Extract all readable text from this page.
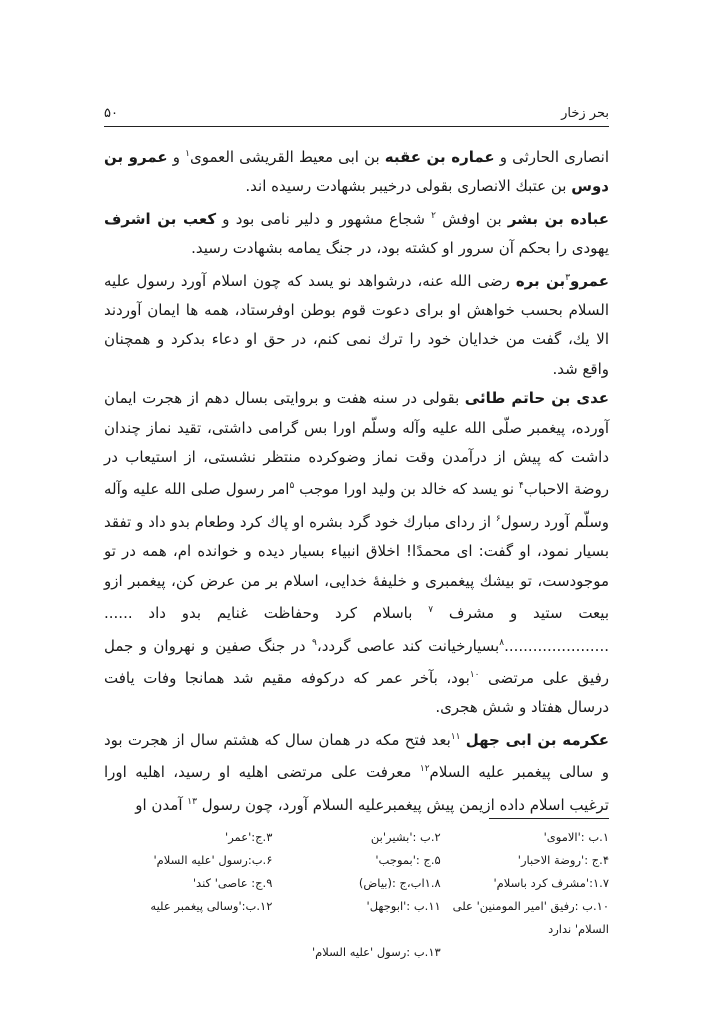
۵۰	بحر زخار

انصاری الحارثی و عماره بن عقبه بن ابی معیط القریشی العموی$^۱$ و عمرو بن دوس بن عتبك الانصاری بقولی درخیبر بشهادت رسیده اند.

عباده بن بشر بن اوفش $^۲$ شجاع مشهور و دلیر نامی بود و کعب بن اشرف یهودی را بحکم آن سرور او کشته بود، در جنگ یمامه بشهادت رسید.

عمرو$^۳$بن بره رضی الله عنه، درشواهد نو یسد که چون اسلام آورد رسول علیه السلام بحسب خواهش او برای دعوت قوم بوطن اوفرستاد، همه ها ایمان آوردند الا یك، گفت من خدایان خود را ترك نمی کنم، در حق او دعاء بدکرد و همچنان واقع شد.

عدی بن حاتم طائی بقولی در سنه هفت و بروایتی بسال دهم از هجرت ایمان آورده، پیغمبر صلّی الله علیه وآله وسلّم اورا بس گرامی داشتی، تقید نماز چندان داشت که پیش از درآمدن وقت نماز وضوکرده منتظر نشستی، از استیعاب در روضة الاحباب$^۴$ نو یسد که خالد بن ولید اورا موجب $^۵$امر رسول صلی الله علیه وآله وسلّم آورد رسول$^۶$ از ردای مبارك خود گرد بشره او پاك کرد وطعام بدو داد و تفقد بسیار نمود، او گفت: ای محمدًا! اخلاق انبیاء بسیار دیده و خوانده ام، همه در تو موجودست، تو بیشك پیغمبری و خلیفهٔ خدایی، اسلام بر من عرض کن، پیغمبر ازو بیعت ستید و مشرف $^۷$ باسلام کرد وحفاظت غنایم بدو داد ...... ......................$^۸$بسیارخیانت کند عاصی گردد،$^۹$ در جنگ صفین و نهروان و جمل رفیق علی مرتضی $^{۱۰}$بود، بآخر عمر که درکوفه مقیم شد همانجا وفات یافت درسال هفتاد و شش هجری.

عکرمه بن ابی جهل $^{۱۱}$بعد فتح مکه در همان سال که هشتم سال از هجرت بود و سالی پیغمبر علیه السلام$^{۱۲}$ معرفت علی مرتضی اهلیه او رسید، اهلیه اورا ترغیب اسلام داده ازیمن پیش پیغمبرعلیه السلام آورد، چون رسول $^{۱۳}$ آمدن او

۱.ب :'الاموی'
۲.ب :'بشیر'بن
۳.ج:'عمر'
۴.ج :'روضة الاحبار'
۵.ج :'بموجب'
۶.ب:رسول 'علیه السلام'
۱.۷:'مشرف کرد باسلام'
۱.۸اب،ج :(بیاض)
۹.ج: عاصی' کند'
۱۰.ب :رفیق 'امیر المومنین' علی السلام' ندارد
۱۱.ب :'ابوجهل'
۱۲.ب:'وسالی پیغمبر علیه
۱۳.ب :رسول 'علیه السلام'
